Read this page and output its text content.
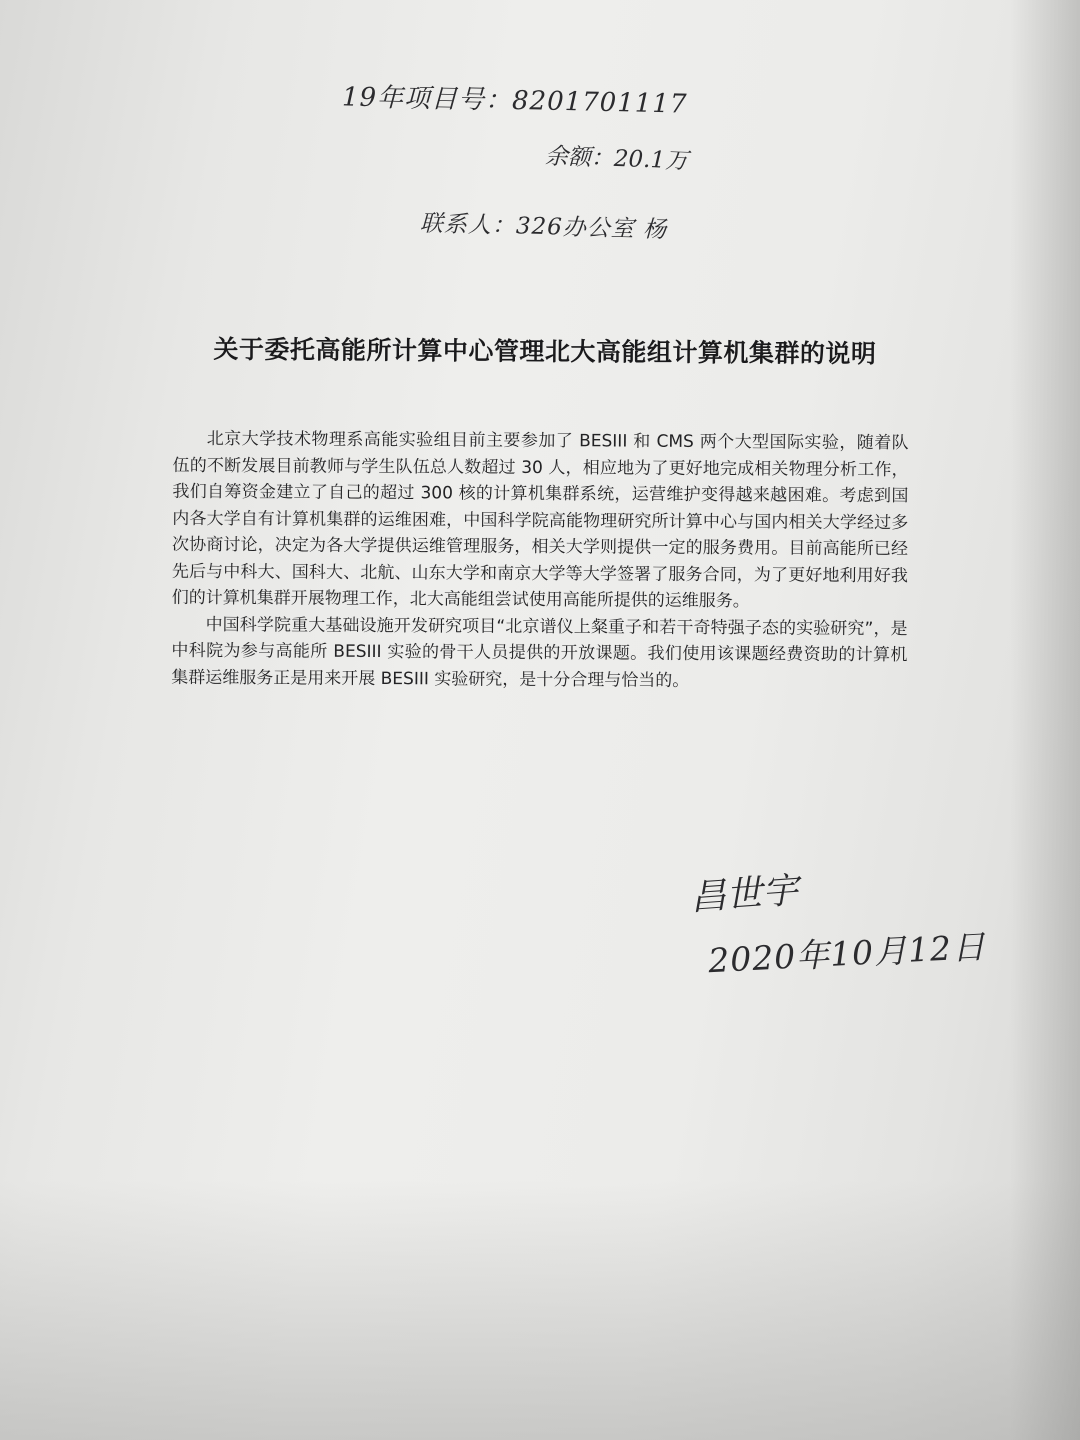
19年项目号：8201701117
余额：20.1万
联系人：326办公室 杨
关于委托高能所计算中心管理北大高能组计算机集群的说明

北京大学技术物理系高能实验组目前主要参加了 BESIII 和 CMS 两个大型国际实验，随着队伍的不断发展目前教师与学生队伍总人数超过 30 人，相应地为了更好地完成相关物理分析工作，我们自筹资金建立了自己的超过 300 核的计算机集群系统，运营维护变得越来越困难。考虑到国内各大学自有计算机集群的运维困难，中国科学院高能物理研究所计算中心与国内相关大学经过多次协商讨论，决定为各大学提供运维管理服务，相关大学则提供一定的服务费用。目前高能所已经先后与中科大、国科大、北航、山东大学和南京大学等大学签署了服务合同，为了更好地利用好我们的计算机集群开展物理工作，北大高能组尝试使用高能所提供的运维服务。

中国科学院重大基础设施开发研究项目“北京谱仪上粲重子和若干奇特强子态的实验研究”，是中科院为参与高能所 BESIII 实验的骨干人员提供的开放课题。我们使用该课题经费资助的计算机集群运维服务正是用来开展 BESIII 实验研究，是十分合理与恰当的。

昌世宇
2020年10月12日
